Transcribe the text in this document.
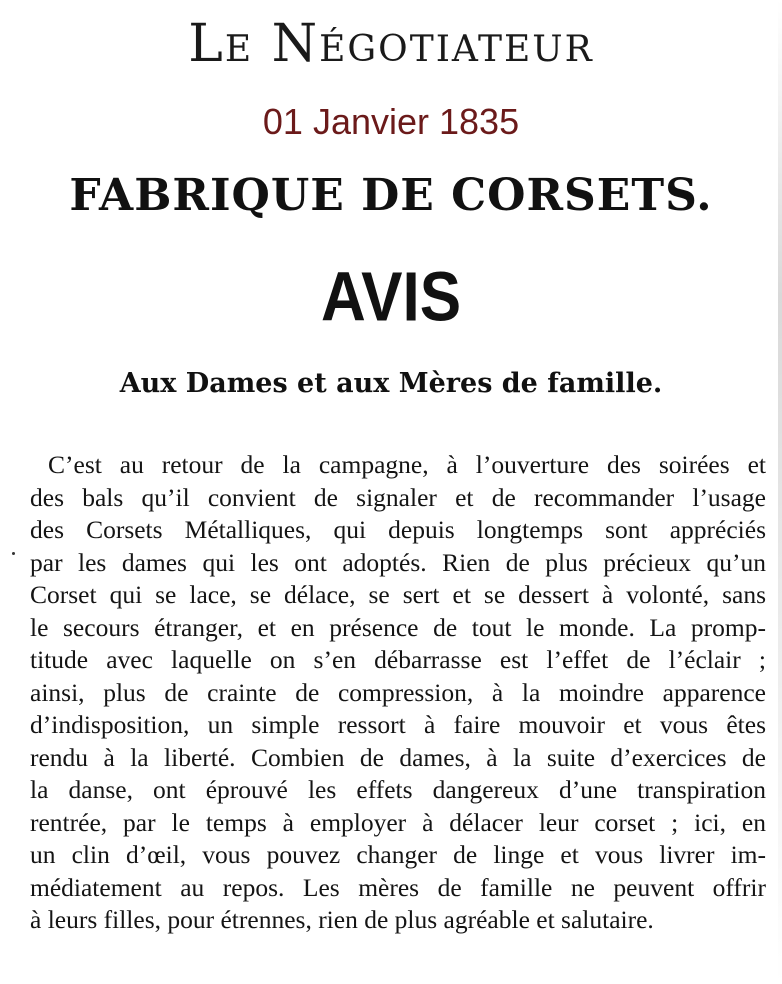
Le Négotiateur
01 Janvier 1835
FABRIQUE DE CORSETS.
AVIS
Aux Dames et aux Mères de famille.
C’est au retour de la campagne, à l’ouverture des soirées et
des bals qu’il convient de signaler et de recommander l’usage
des Corsets Métalliques, qui depuis longtemps sont appréciés
par les dames qui les ont adoptés. Rien de plus précieux qu’un
Corset qui se lace, se délace, se sert et se dessert à volonté, sans
le secours étranger, et en présence de tout le monde. La promp-
titude avec laquelle on s’en débarrasse est l’effet de l’éclair ;
ainsi, plus de crainte de compression, à la moindre apparence
d’indisposition, un simple ressort à faire mouvoir et vous êtes
rendu à la liberté. Combien de dames, à la suite d’exercices de
la danse, ont éprouvé les effets dangereux d’une transpiration
rentrée, par le temps à employer à délacer leur corset ; ici, en
un clin d’œil, vous pouvez changer de linge et vous livrer im-
médiatement au repos. Les mères de famille ne peuvent offrir
à leurs filles, pour étrennes, rien de plus agréable et salutaire.
